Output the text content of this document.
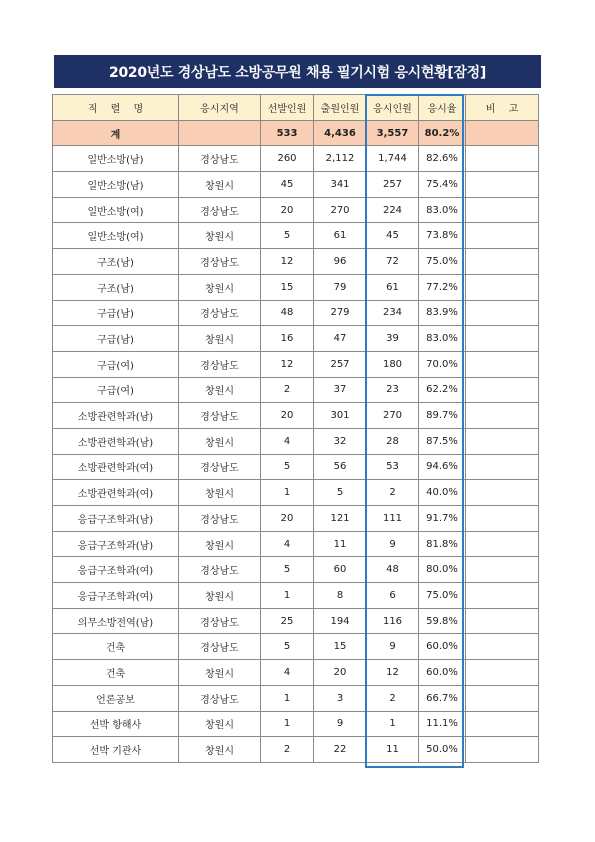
2020년도 경상남도 소방공무원 채용 필기시험 응시현황[잠정]
직 렬 명	응시지역	선발인원	출원인원	응시인원	응시율	비 고
계		533	4,436	3,557	80.2%	
일반소방(남)	경상남도	260	2,112	1,744	82.6%	
일반소방(남)	창원시	45	341	257	75.4%	
일반소방(여)	경상남도	20	270	224	83.0%	
일반소방(여)	창원시	5	61	45	73.8%	
구조(남)	경상남도	12	96	72	75.0%	
구조(남)	창원시	15	79	61	77.2%	
구급(남)	경상남도	48	279	234	83.9%	
구급(남)	창원시	16	47	39	83.0%	
구급(여)	경상남도	12	257	180	70.0%	
구급(여)	창원시	2	37	23	62.2%	
소방관련학과(남)	경상남도	20	301	270	89.7%	
소방관련학과(남)	창원시	4	32	28	87.5%	
소방관련학과(여)	경상남도	5	56	53	94.6%	
소방관련학과(여)	창원시	1	5	2	40.0%	
응급구조학과(남)	경상남도	20	121	111	91.7%	
응급구조학과(남)	창원시	4	11	9	81.8%	
응급구조학과(여)	경상남도	5	60	48	80.0%	
응급구조학과(여)	창원시	1	8	6	75.0%	
의무소방전역(남)	경상남도	25	194	116	59.8%	
건축	경상남도	5	15	9	60.0%	
건축	창원시	4	20	12	60.0%	
언론공보	경상남도	1	3	2	66.7%	
선박 항해사	창원시	1	9	1	11.1%	
선박 기관사	창원시	2	22	11	50.0%	
